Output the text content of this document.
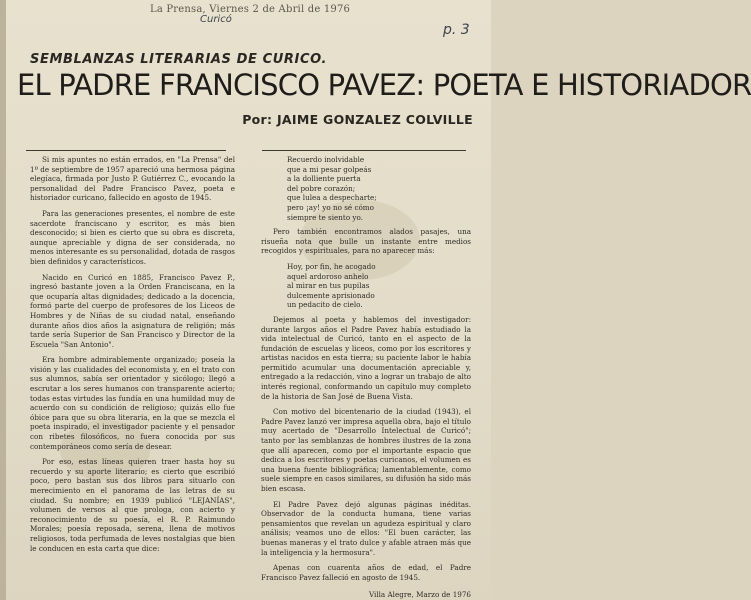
La Prensa, Viernes 2 de Abril de 1976
Curicó
p. 3
SEMBLANZAS LITERARIAS DE CURICO.
EL PADRE FRANCISCO PAVEZ: POETA E HISTORIADOR
Por: JAIME GONZALEZ COLVILLE

Si mis apuntes no están errados, en "La Prensa" del 1º de septiembre de 1957 apareció una hermosa página elegíaca, firmada por Justo P. Gutiérrez C., evocando la personalidad del Padre Francisco Pavez, poeta e historiador curicano, fallecido en agosto de 1945.

Para las generaciones presentes, el nombre de este sacerdote franciscano y escritor, es más bien desconocido; si bien es cierto que su obra es discreta, aunque apreciable y digna de ser considerada, no menos interesante es su personalidad, dotada de rasgos bien definidos y característicos.

Nacido en Curicó en 1885, Francisco Pavez P., ingresó bastante joven a la Orden Franciscana, en la que ocuparía altas dignidades; dedicado a la docencia, formó parte del cuerpo de profesores de los Liceos de Hombres y de Niñas de su ciudad natal, enseñando durante años dios años la asignatura de religión; más tarde sería Superior de San Francisco y Director de la Escuela "San Antonio".

Era hombre admirablemente organizado; poseía la visión y las cualidades del economista y, en el trato con sus alumnos, sabía ser orientador y sicólogo; llegó a escrutar a los seres humanos con transparente acierto; todas estas virtudes las fundía en una humildad muy de acuerdo con su condición de religioso; quizás ello fue óbice para que su obra literaria, en la que se mezcla el poeta inspirado, el investigador paciente y el pensador con ribetes filosóficos, no fuera conocida por sus contemporáneos como sería de desear.

Por eso, estas líneas quieren traer hasta hoy su recuerdo y su aporte literario; es cierto que escribió poco, pero bastan sus dos libros para situarlo con merecimiento en el panorama de las letras de su ciudad. Su nombre; en 1939 publicó "LEJANÍAS", volumen de versos al que prologa, con acierto y reconocimiento de su poesía, el R. P. Raimundo Morales; poesía reposada, serena, llena de motivos religiosos, toda perfumada de leves nostalgias que bien le conducen en esta carta que dice:

Recuerdo inolvidable
que a mi pesar golpeás
a la dolliente puerta
del pobre corazón;
que lulea a despecharte;
pero ¡ay! yo no sé cómo
siempre te siento yo.

Pero también encontramos alados pasajes, una risueña nota que bulle un instante entre medios recogidos y espirituales, para no aparecer más:

Hoy, por fin, he acogado
aquel ardoroso anhelo
al mirar en tus pupilas
dulcemente aprisionado
un pedacito de cielo.

Dejemos al poeta y hablemos del investigador: durante largos años el Padre Pavez había estudiado la vida intelectual de Curicó, tanto en el aspecto de la fundación de escuelas y liceos, como por los escritores y artistas nacidos en esta tierra; su paciente labor le había permitido acumular una documentación apreciable y, entregado a la redacción, vino a lograr un trabajo de alto interés regional, conformando un capítulo muy completo de la historia de San José de Buena Vista.

Con motivo del bicentenario de la ciudad (1943), el Padre Pavez lanzó ver impresa aquella obra, bajo el título muy acertado de "Desarrollo Intelectual de Curicó"; tanto por las semblanzas de hombres ilustres de la zona que allí aparecen, como por el importante espacio que dedica a los escritores y poetas curicanos, el volumen es una buena fuente bibliográfica; lamentablemente, como suele siempre en casos similares, su difusión ha sido más bien escasa.

El Padre Pavez dejó algunas páginas inéditas. Observador de la conducta humana, tiene varias pensamientos que revelan un agudeza espiritual y claro análisis; veamos uno de ellos: "El buen carácter, las buenas maneras y el trato dulce y afable atraen más que la inteligencia y la hermosura".

Apenas con cuarenta años de edad, el Padre Francisco Pavez falleció en agosto de 1945.

Villa Alegre, Marzo de 1976
